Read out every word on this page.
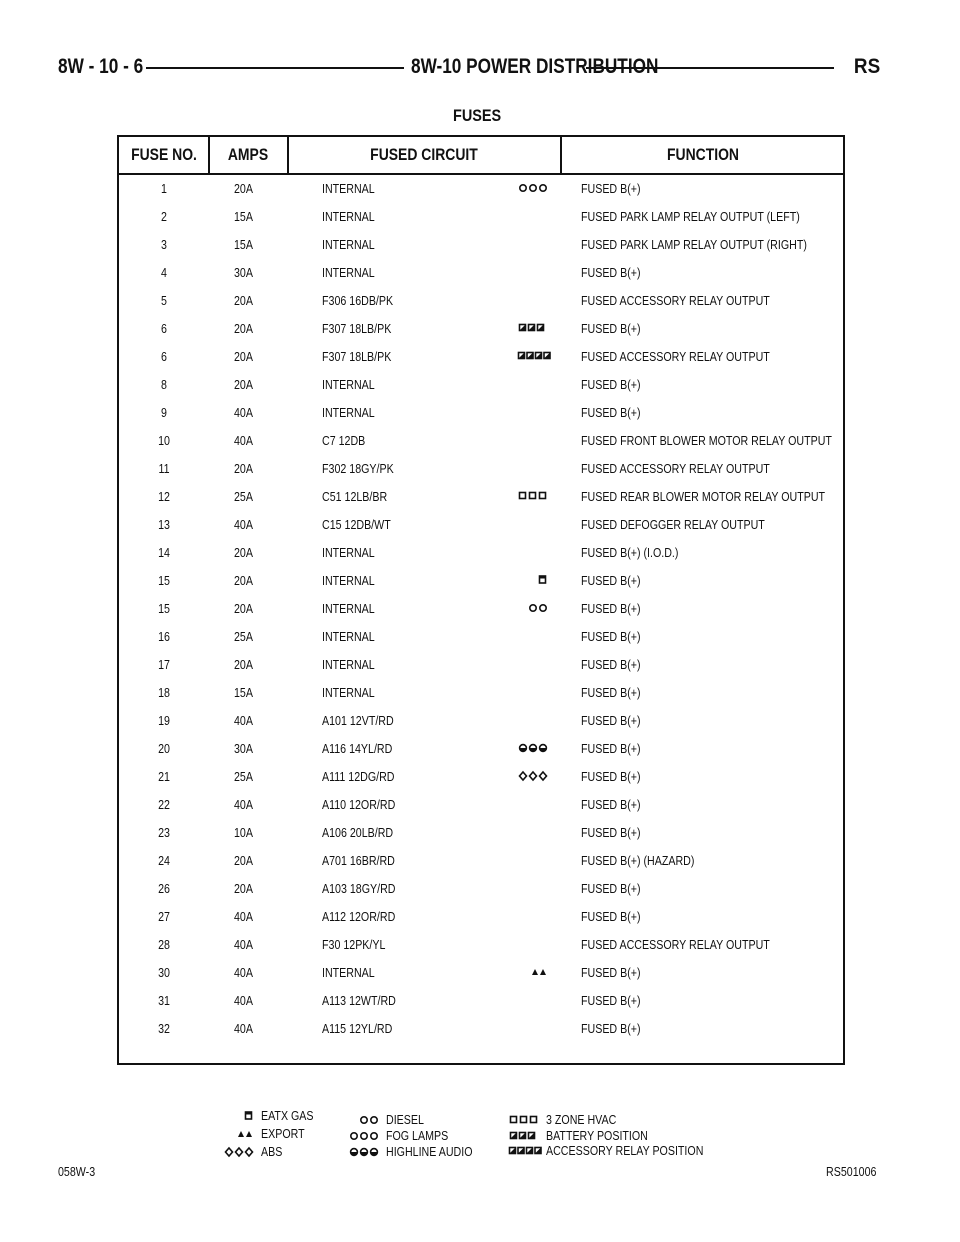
8W - 10 - 6	8W-10 POWER DISTRIBUTION	RS
FUSES
FUSE NO.	AMPS	FUSED CIRCUIT	FUNCTION
1	20A	INTERNAL	FUSED B(+)
2	15A	INTERNAL	FUSED PARK LAMP RELAY OUTPUT (LEFT)
3	15A	INTERNAL	FUSED PARK LAMP RELAY OUTPUT (RIGHT)
4	30A	INTERNAL	FUSED B(+)
5	20A	F306 16DB/PK	FUSED ACCESSORY RELAY OUTPUT
6	20A	F307 18LB/PK	FUSED B(+)
6	20A	F307 18LB/PK	FUSED ACCESSORY RELAY OUTPUT
8	20A	INTERNAL	FUSED B(+)
9	40A	INTERNAL	FUSED B(+)
10	40A	C7 12DB	FUSED FRONT BLOWER MOTOR RELAY OUTPUT
11	20A	F302 18GY/PK	FUSED ACCESSORY RELAY OUTPUT
12	25A	C51 12LB/BR	FUSED REAR BLOWER MOTOR RELAY OUTPUT
13	40A	C15 12DB/WT	FUSED DEFOGGER RELAY OUTPUT
14	20A	INTERNAL	FUSED B(+) (I.O.D.)
15	20A	INTERNAL	FUSED B(+)
15	20A	INTERNAL	FUSED B(+)
16	25A	INTERNAL	FUSED B(+)
17	20A	INTERNAL	FUSED B(+)
18	15A	INTERNAL	FUSED B(+)
19	40A	A101 12VT/RD	FUSED B(+)
20	30A	A116 14YL/RD	FUSED B(+)
21	25A	A111 12DG/RD	FUSED B(+)
22	40A	A110 12OR/RD	FUSED B(+)
23	10A	A106 20LB/RD	FUSED B(+)
24	20A	A701 16BR/RD	FUSED B(+) (HAZARD)
26	20A	A103 18GY/RD	FUSED B(+)
27	40A	A112 12OR/RD	FUSED B(+)
28	40A	F30 12PK/YL	FUSED ACCESSORY RELAY OUTPUT
30	40A	INTERNAL	FUSED B(+)
31	40A	A113 12WT/RD	FUSED B(+)
32	40A	A115 12YL/RD	FUSED B(+)
EATX GAS
EXPORT
ABS
DIESEL
FOG LAMPS
HIGHLINE AUDIO
3 ZONE HVAC
BATTERY POSITION
ACCESSORY RELAY POSITION
058W-3	RS501006
